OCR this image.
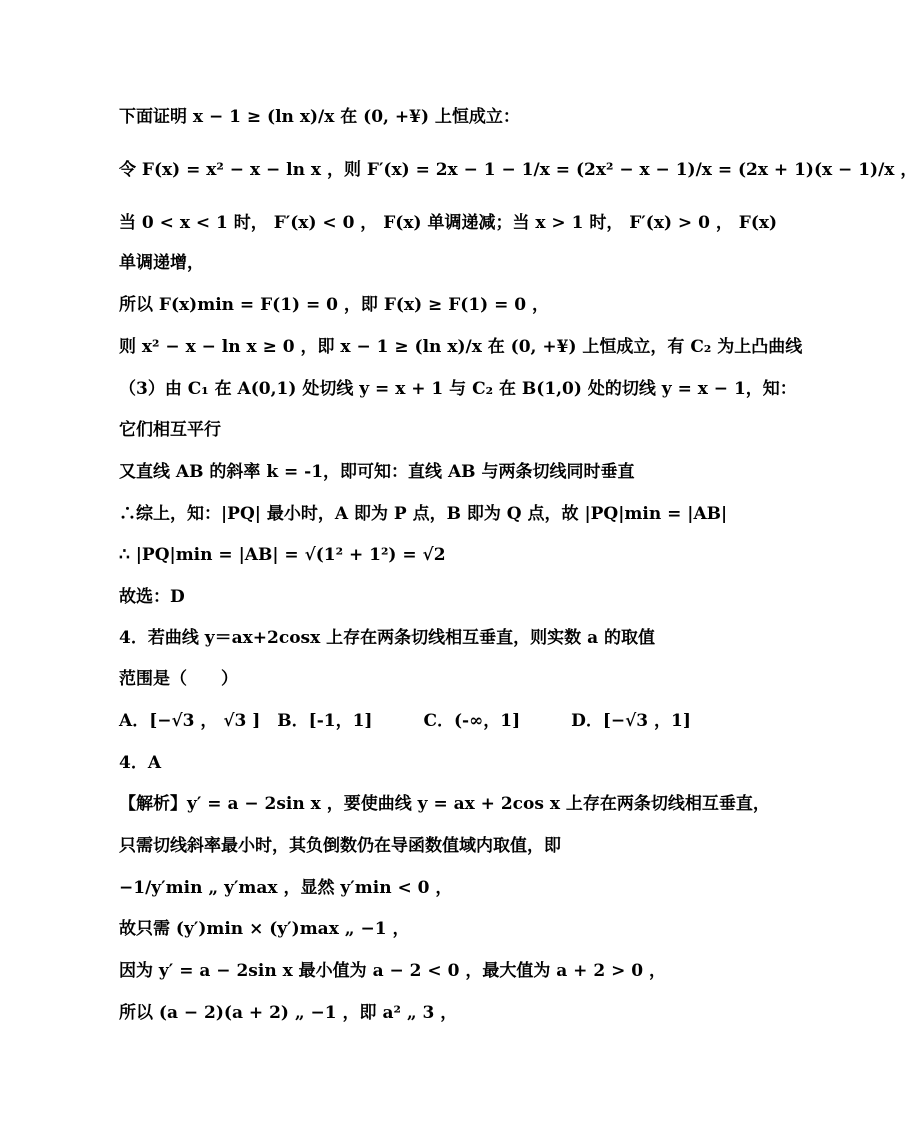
下面证明 x − 1 ≥ (ln x)/x 在 (0, +¥) 上恒成立：
令 F(x) = x² − x − ln x ，则 F′(x) = 2x − 1 − 1/x = (2x² − x − 1)/x = (2x + 1)(x − 1)/x ，
当 0 < x < 1 时， F′(x) < 0 ， F(x) 单调递减；当 x > 1 时， F′(x) > 0 ， F(x)
单调递增，
所以 F(x)min = F(1) = 0 ，即 F(x) ≥ F(1) = 0 ，
则 x² − x − ln x ≥ 0 ，即 x − 1 ≥ (ln x)/x 在 (0, +¥) 上恒成立，有 C₂ 为上凸曲线
（3）由 C₁ 在 A(0,1) 处切线 y = x + 1 与 C₂ 在 B(1,0) 处的切线 y = x − 1，知：
它们相互平行
又直线 AB 的斜率 k = -1，即可知：直线 AB 与两条切线同时垂直
∴综上，知：|PQ| 最小时，A 即为 P 点，B 即为 Q 点，故 |PQ|min = |AB|
∴ |PQ|min = |AB| = √(1² + 1²) = √2
故选：D
4．若曲线 y＝ax+2cosx 上存在两条切线相互垂直，则实数 a 的取值
范围是（　　）
A．[−√3 ， √3 ]　B．[-1，1]　　　C．(-∞，1]　　　D．[−√3 ，1]
4．A
【解析】y′ = a − 2sin x ，要使曲线 y = ax + 2cos x 上存在两条切线相互垂直，
只需切线斜率最小时，其负倒数仍在导函数值域内取值，即
−1/y′min „ y′max ，显然 y′min < 0 ，
故只需 (y′)min × (y′)max „ −1 ，
因为 y′ = a − 2sin x 最小值为 a − 2 < 0 ，最大值为 a + 2 > 0 ，
所以 (a − 2)(a + 2) „ −1 ，即 a² „ 3 ，
